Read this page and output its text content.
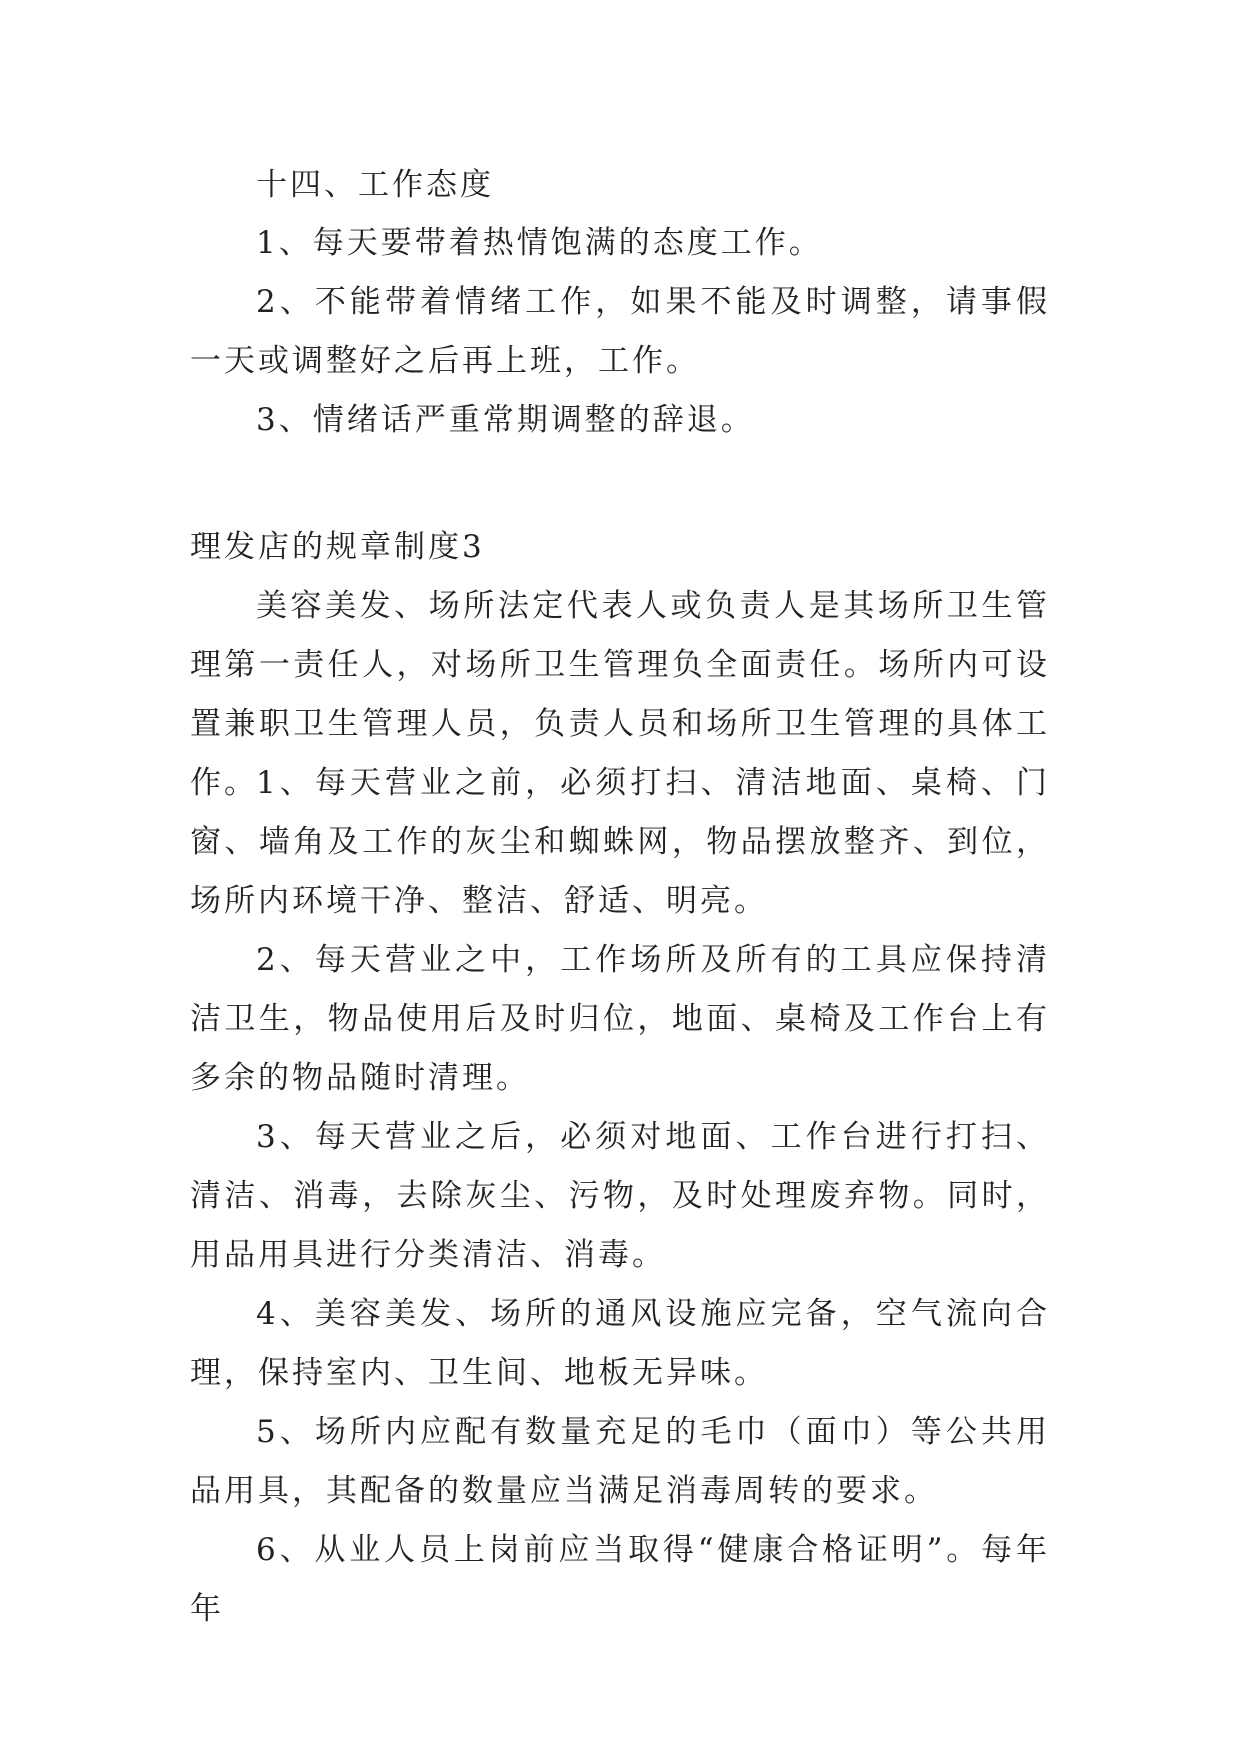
十四、工作态度

1、每天要带着热情饱满的态度工作。

2、不能带着情绪工作，如果不能及时调整，请事假一天或调整好之后再上班，工作。

3、情绪话严重常期调整的辞退。

理发店的规章制度3

美容美发、场所法定代表人或负责人是其场所卫生管理第一责任人，对场所卫生管理负全面责任。场所内可设置兼职卫生管理人员，负责人员和场所卫生管理的具体工作。

1、每天营业之前，必须打扫、清洁地面、桌椅、门窗、墙角及工作的灰尘和蜘蛛网，物品摆放整齐、到位，场所内环境干净、整洁、舒适、明亮。

2、每天营业之中，工作场所及所有的工具应保持清洁卫生，物品使用后及时归位，地面、桌椅及工作台上有多余的物品随时清理。

3、每天营业之后，必须对地面、工作台进行打扫、清洁、消毒，去除灰尘、污物，及时处理废弃物。同时，用品用具进行分类清洁、消毒。

4、美容美发、场所的通风设施应完备，空气流向合理，保持室内、卫生间、地板无异味。

5、场所内应配有数量充足的毛巾（面巾）等公共用品用具，其配备的数量应当满足消毒周转的要求。

6、从业人员上岗前应当取得“健康合格证明”。每年年
